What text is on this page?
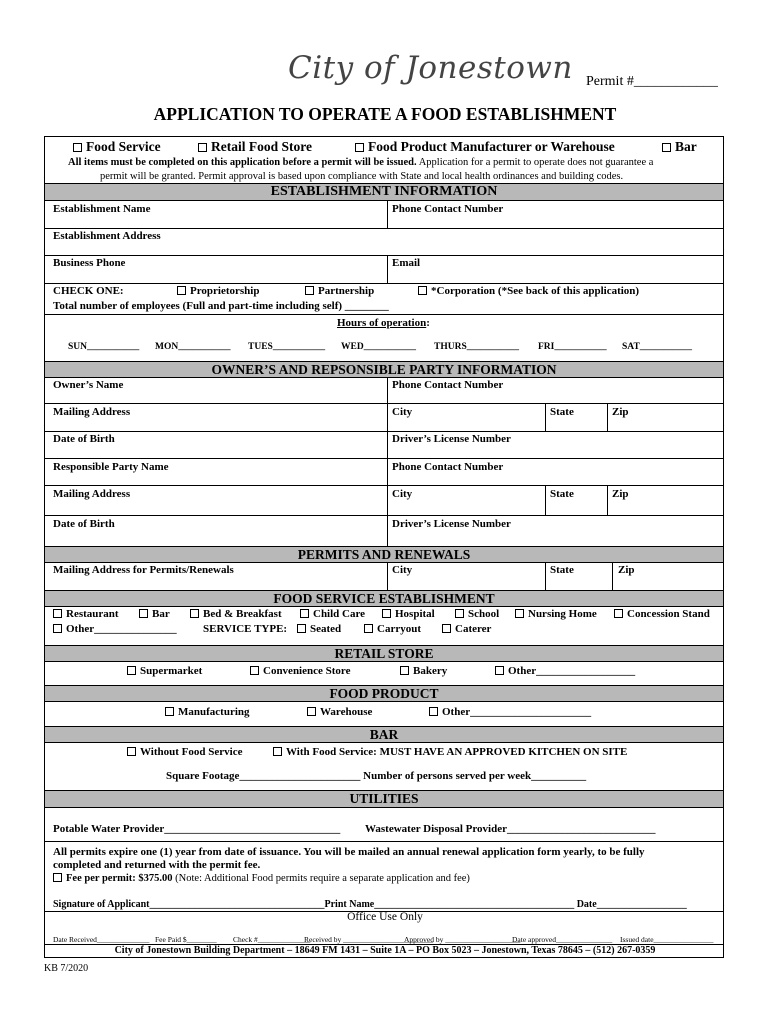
City of Jonestown Permit #____________
APPLICATION TO OPERATE A FOOD ESTABLISHMENT
Food Service	Retail Food Store	Food Product Manufacturer or Warehouse	Bar
All items must be completed on this application before a permit will be issued. Application for a permit to operate does not guarantee a
permit will be granted. Permit approval is based upon compliance with State and local health ordinances and building codes.
ESTABLISHMENT INFORMATION
Establishment Name	Phone Contact Number
Establishment Address
Business Phone	Email
CHECK ONE:	Proprietorship	Partnership	*Corporation (*See back of this application)
Total number of employees (Full and part-time including self) ________
Hours of operation:
SUN___________ MON___________ TUES___________ WED___________ THURS___________ FRI___________ SAT___________
OWNER’S AND REPSONSIBLE PARTY INFORMATION
Owner’s Name	Phone Contact Number
Mailing Address	City	State	Zip
Date of Birth	Driver’s License Number
Responsible Party Name	Phone Contact Number
Mailing Address	City	State	Zip
Date of Birth	Driver’s License Number
PERMITS AND RENEWALS
Mailing Address for Permits/Renewals	City	State	Zip
FOOD SERVICE ESTABLISHMENT
Restaurant	Bar	Bed & Breakfast	Child Care	Hospital	School	Nursing Home	Concession Stand
Other_______________ SERVICE TYPE:	Seated	Carryout	Caterer
RETAIL STORE
Supermarket	Convenience Store	Bakery	Other__________________
FOOD PRODUCT
Manufacturing	Warehouse	Other______________________
BAR
Without Food Service	With Food Service: MUST HAVE AN APPROVED KITCHEN ON SITE
Square Footage______________________ Number of persons served per week__________
UTILITIES
Potable Water Provider________________________________ Wastewater Disposal Provider___________________________
All permits expire one (1) year from date of issuance. You will be mailed an annual renewal application form yearly, to be fully
completed and returned with the permit fee.
Fee per permit: $375.00 (Note: Additional Food permits require a separate application and fee)
Signature of Applicant___________________________________Print Name________________________________________ Date__________________
Office Use Only
Date Received______________ Fee Paid $________ Check #______________
Received by ________________________
Approved by ____________________
Date approved_______________ Issued date________________
City of Jonestown Building Department – 18649 FM 1431 – Suite 1A – PO Box 5023 – Jonestown, Texas 78645 – (512) 267-0359
KB 7/2020
